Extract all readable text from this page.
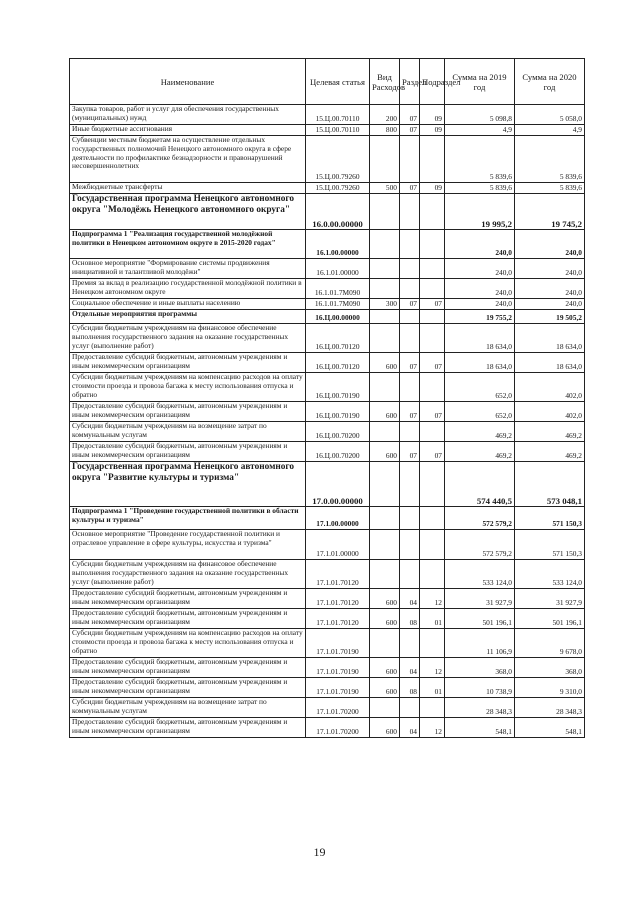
Наименование	Целевая статья	Вид Расходов	Раздел	Подраздел	Сумма на 2019 год	Сумма на 2020 год
Закупка товаров, работ и услуг для обеспечения государственных (муниципальных) нужд	15.Ц.00.70110	200	07	09	5 098,8	5 058,0
Иные бюджетные ассигнования	15.Ц.00.70110	800	07	09	4,9	4,9
Субвенции местным бюджетам на осуществление отдельных государственных полномочий Ненецкого автономного округа в сфере деятельности по профилактике безнадзорности и правонарушений несовершеннолетних	15.Ц.00.79260				5 839,6	5 839,6
Межбюджетные трансферты	15.Ц.00.79260	500	07	09	5 839,6	5 839,6
Государственная программа Ненецкого автономного округа "Молодёжь Ненецкого автономного округа"	16.0.00.00000				19 995,2	19 745,2
Подпрограмма 1 "Реализация государственной молодёжной политики в Ненецком автономном округе в 2015-2020 годах"	16.1.00.00000				240,0	240,0
Основное мероприятие "Формирование системы продвижения инициативной и талантливой молодёжи"	16.1.01.00000				240,0	240,0
Премия за вклад в реализацию государственной молодёжной политики в Ненецком автономном округе	16.1.01.7М090				240,0	240,0
Социальное обеспечение и иные выплаты населению	16.1.01.7М090	300	07	07	240,0	240,0
Отдельные мероприятия программы	16.Ц.00.00000				19 755,2	19 505,2
Субсидии бюджетным учреждениям на финансовое обеспечение выполнения государственного задания на оказание государственных услуг (выполнение работ)	16.Ц.00.70120				18 634,0	18 634,0
Предоставление субсидий бюджетным, автономным учреждениям и иным некоммерческим организациям	16.Ц.00.70120	600	07	07	18 634,0	18 634,0
Субсидии бюджетным учреждениям на компенсацию расходов на оплату стоимости проезда и провоза багажа к месту использования отпуска и обратно	16.Ц.00.70190				652,0	402,0
Предоставление субсидий бюджетным, автономным учреждениям и иным некоммерческим организациям	16.Ц.00.70190	600	07	07	652,0	402,0
Субсидии бюджетным учреждениям на возмещение затрат по коммунальным услугам	16.Ц.00.70200				469,2	469,2
Предоставление субсидий бюджетным, автономным учреждениям и иным некоммерческим организациям	16.Ц.00.70200	600	07	07	469,2	469,2
Государственная программа Ненецкого автономного округа "Развитие культуры и туризма"	17.0.00.00000				574 440,5	573 048,1
Подпрограмма 1 "Проведение государственной политики в области культуры и туризма"	17.1.00.00000				572 579,2	571 150,3
Основное мероприятие "Проведение государственной политики и отраслевое управление в сфере культуры, искусства и туризма"	17.1.01.00000				572 579,2	571 150,3
Субсидии бюджетным учреждениям на финансовое обеспечение выполнения государственного задания на оказание государственных услуг (выполнение работ)	17.1.01.70120				533 124,0	533 124,0
Предоставление субсидий бюджетным, автономным учреждениям и иным некоммерческим организациям	17.1.01.70120	600	04	12	31 927,9	31 927,9
Предоставление субсидий бюджетным, автономным учреждениям и иным некоммерческим организациям	17.1.01.70120	600	08	01	501 196,1	501 196,1
Субсидии бюджетным учреждениям на компенсацию расходов на оплату стоимости проезда и провоза багажа к месту использования отпуска и обратно	17.1.01.70190				11 106,9	9 678,0
Предоставление субсидий бюджетным, автономным учреждениям и иным некоммерческим организациям	17.1.01.70190	600	04	12	368,0	368,0
Предоставление субсидий бюджетным, автономным учреждениям и иным некоммерческим организациям	17.1.01.70190	600	08	01	10 738,9	9 310,0
Субсидии бюджетным учреждениям на возмещение затрат по коммунальным услугам	17.1.01.70200				28 348,3	28 348,3
Предоставление субсидий бюджетным, автономным учреждениям и иным некоммерческим организациям	17.1.01.70200	600	04	12	548,1	548,1
19
